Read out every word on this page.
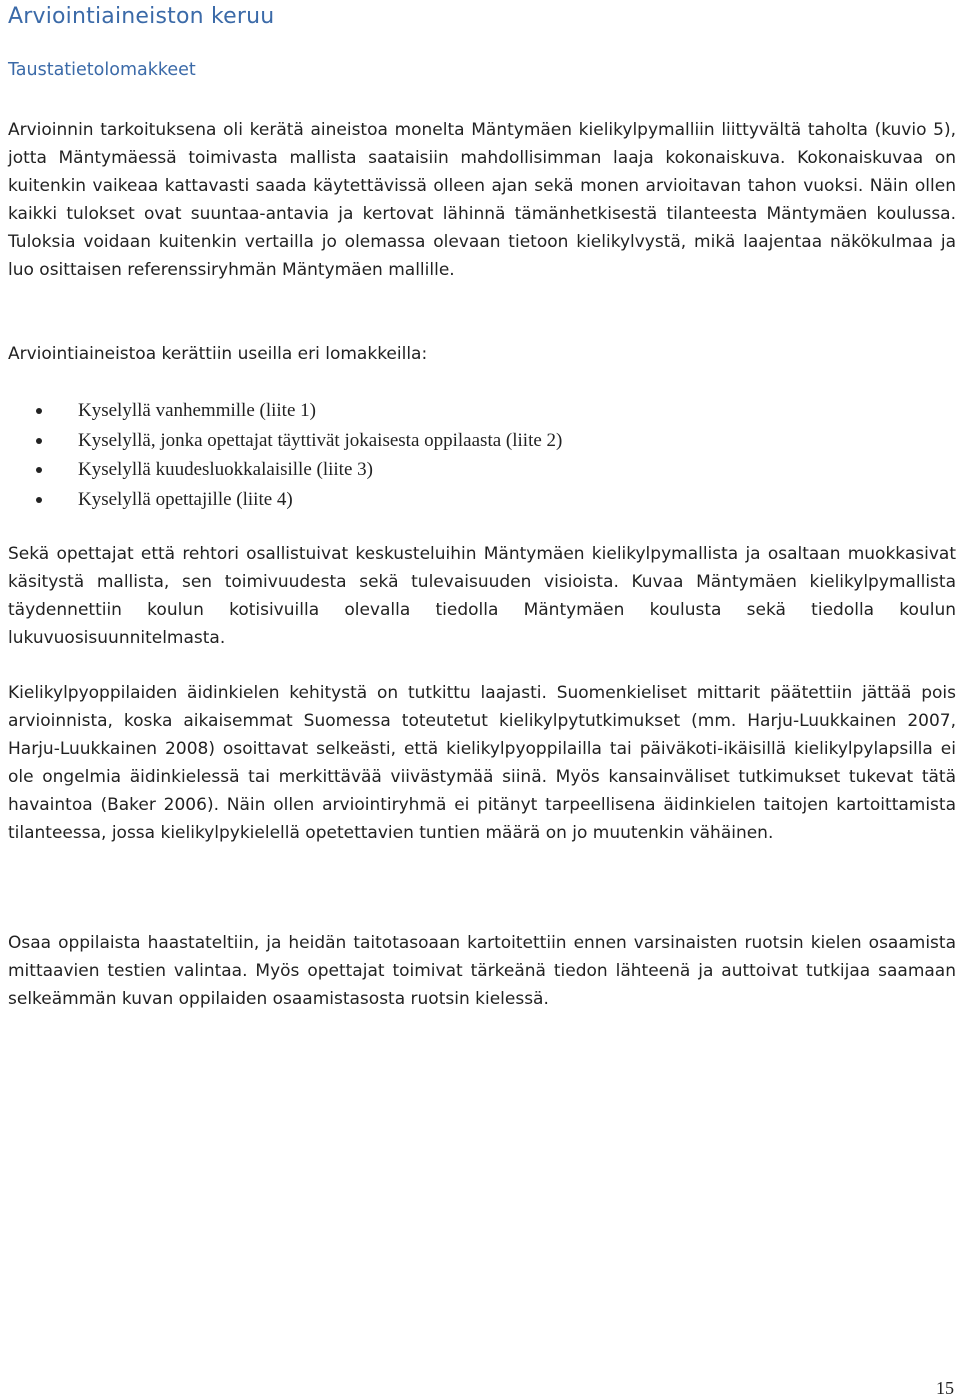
Arviointiaineiston keruu
Taustatietolomakkeet

Arvioinnin tarkoituksena oli kerätä aineistoa monelta Mäntymäen kielikylpymalliin liittyvältä taholta (kuvio 5), jotta Mäntymäessä toimivasta mallista saataisiin mahdollisimman laaja kokonaiskuva. Kokonaiskuvaa on kuitenkin vaikeaa kattavasti saada käytettävissä olleen ajan sekä monen arvioitavan tahon vuoksi. Näin ollen kaikki tulokset ovat suuntaa-antavia ja kertovat lähinnä tämänhetkisestä tilanteesta Mäntymäen koulussa. Tuloksia voidaan kuitenkin vertailla jo olemassa olevaan tietoon kielikylvystä, mikä laajentaa näkökulmaa ja luo osittaisen referenssiryhmän Mäntymäen mallille.

Arviointiaineistoa kerättiin useilla eri lomakkeilla:

Kyselyllä vanhemmille (liite 1)
Kyselyllä, jonka opettajat täyttivät jokaisesta oppilaasta (liite 2)
Kyselyllä kuudesluokkalaisille (liite 3)
Kyselyllä opettajille (liite 4)

Sekä opettajat että rehtori osallistuivat keskusteluihin Mäntymäen kielikylpymallista ja osaltaan muokkasivat käsitystä mallista, sen toimivuudesta sekä tulevaisuuden visioista. Kuvaa Mäntymäen kielikylpymallista täydennettiin koulun kotisivuilla olevalla tiedolla Mäntymäen koulusta sekä tiedolla koulun lukuvuosisuunnitelmasta.

Kielikylpyoppilaiden äidinkielen kehitystä on tutkittu laajasti. Suomenkieliset mittarit päätettiin jättää pois arvioinnista, koska aikaisemmat Suomessa toteutetut kielikylpytutkimukset (mm. Harju-Luukkainen 2007, Harju-Luukkainen 2008) osoittavat selkeästi, että kielikylpyoppilailla tai päiväkoti-ikäisillä kielikylpylapsilla ei ole ongelmia äidinkielessä tai merkittävää viivästymää siinä. Myös kansainväliset tutkimukset tukevat tätä havaintoa (Baker 2006). Näin ollen arviointiryhmä ei pitänyt tarpeellisena äidinkielen taitojen kartoittamista tilanteessa, jossa kielikylpykielellä opetettavien tuntien määrä on jo muutenkin vähäinen.

Osaa oppilaista haastateltiin, ja heidän taitotasoaan kartoitettiin ennen varsinaisten ruotsin kielen osaamista mittaavien testien valintaa. Myös opettajat toimivat tärkeänä tiedon lähteenä ja auttoivat tutkijaa saamaan selkeämmän kuvan oppilaiden osaamistasosta ruotsin kielessä.

15
